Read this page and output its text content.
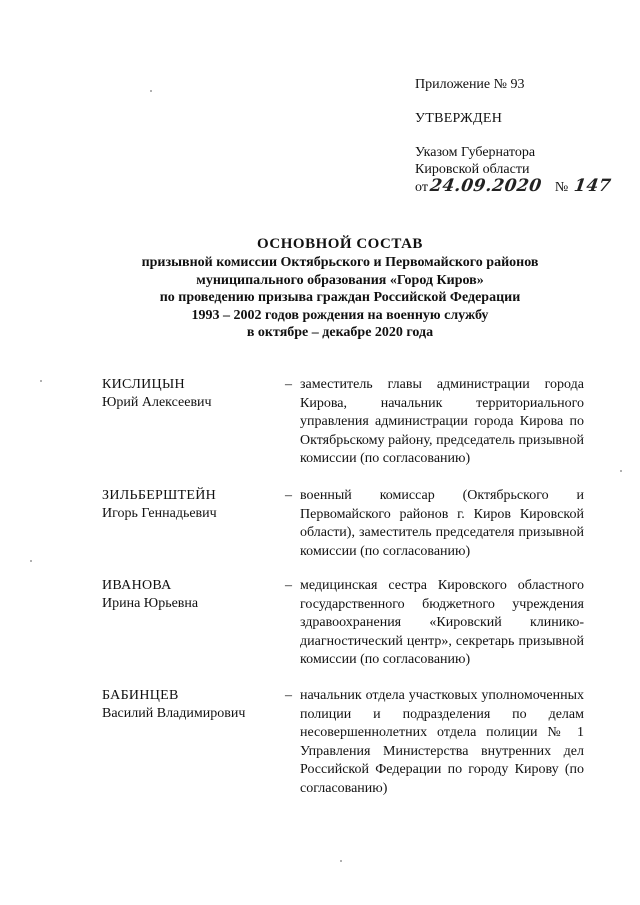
Приложение № 93
УТВЕРЖДЕН
Указом Губернатора
Кировской области
от24.09.2020 № 147
ОСНОВНОЙ СОСТАВ
призывной комиссии Октябрьского и Первомайского районов
муниципального образования «Город Киров»
по проведению призыва граждан Российской Федерации
1993 – 2002 годов рождения на военную службу
в октябре – декабре 2020 года
КИСЛИЦЫН
Юрий Алексеевич
– заместитель главы администрации города Кирова, начальник территориального управления администрации города Кирова по Октябрьскому району, председатель призывной комиссии (по согласованию)
ЗИЛЬБЕРШТЕЙН
Игорь Геннадьевич
– военный комиссар (Октябрьского и Первомайского районов г. Киров Кировской области), заместитель председателя призывной комиссии (по согласованию)
ИВАНОВА
Ирина Юрьевна
– медицинская сестра Кировского областного государственного бюджетного учреждения здравоохранения «Кировский клинико-диагностический центр», секретарь призывной комиссии (по согласованию)
БАБИНЦЕВ
Василий Владимирович
– начальник отдела участковых уполномоченных полиции и подразделения по делам несовершеннолетних отдела полиции № 1 Управления Министерства внутренних дел Российской Федерации по городу Кирову (по согласованию)
